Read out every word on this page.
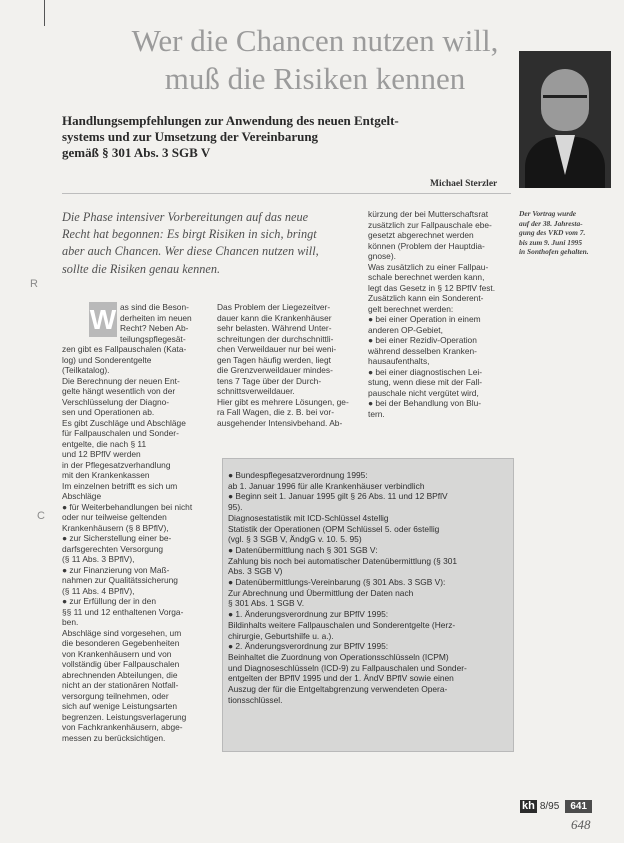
Wer die Chancen nutzen will,
muß die Risiken kennen
Handlungsempfehlungen zur Anwendung des neuen Entgelt-
systems und zur Umsetzung der Vereinbarung
gemäß § 301 Abs. 3 SGB V
Michael Sterzler
Der Vortrag wurde
auf der 38. Jahresta-
gung des VKD vom 7.
bis zum 9. Juni 1995
in Sonthofen gehalten.
Die Phase intensiver Vorbereitungen auf das neue
Recht hat begonnen: Es birgt Risiken in sich, bringt
aber auch Chancen. Wer diese Chancen nutzen will,
sollte die Risiken genau kennen.
R
C
W as sind die Beson-
derheiten im neuen
Recht? Neben Ab-
teilungspflegesät-
zen gibt es Fallpauschalen (Kata-
log) und Sonderentgelte
(Teilkatalog).
Die Berechnung der neuen Ent-
gelte hängt wesentlich von der
Verschlüsselung der Diagno-
sen und Operationen ab.
Es gibt Zuschläge und Abschläge
für Fallpauschalen und Sonder-
entgelte, die nach § 11
und 12 BPflV werden
in der Pflegesatzverhandlung
mit den Krankenkassen
Im einzelnen betrifft es sich um
Abschläge
● für Weiterbehandlungen bei nicht
oder nur teilweise geltenden
Krankenhäusern (§ 8 BPflV),
● zur Sicherstellung einer be-
darfsgerechten Versorgung
(§ 11 Abs. 3 BPflV),
● zur Finanzierung von Maß-
nahmen zur Qualitätssicherung
(§ 11 Abs. 4 BPflV),
● zur Erfüllung der in den
§§ 11 und 12 enthaltenen Vorga-
ben.
Abschläge sind vorgesehen, um
die besonderen Gegebenheiten
von Krankenhäusern und von
vollständig über Fallpauschalen
abrechnenden Abteilungen, die
nicht an der stationären Notfall-
versorgung teilnehmen, oder
sich auf wenige Leistungsarten
begrenzen. Leistungsverlagerung
von Fachkrankenhäusern, abge-
messen zu berücksichtigen.
Das Problem der Liegezeitver-
dauer kann die Krankenhäuser
sehr belasten. Während Unter-
schreitungen der durchschnittli-
chen Verweildauer nur bei weni-
gen Tagen häufig werden, liegt
die Grenzverweildauer mindes-
tens 7 Tage über der Durch-
schnittsverweildauer.
Hier gibt es mehrere Lösungen, ge-
ra Fall Wagen, die z. B. bei vor-
ausgehender Intensivbehand. Ab-
kürzung der bei Mutterschaftsrat
zusätzlich zur Fallpauschale ebe-
gesetzt abgerechnet werden
können (Problem der Hauptdia-
gnose).
Was zusätzlich zu einer Fallpau-
schale berechnet werden kann,
legt das Gesetz in § 12 BPflV fest.
Zusätzlich kann ein Sonderent-
gelt berechnet werden:
● bei einer Operation in einem
anderen OP-Gebiet,
● bei einer Rezidiv-Operation
während desselben Kranken-
hausaufenthalts,
● bei einer diagnostischen Lei-
stung, wenn diese mit der Fall-
pauschale nicht vergütet wird,
● bei der Behandlung von Blu-
tern.
● Bundespflegesatzverordnung 1995:
ab 1. Januar 1996 für alle Krankenhäuser verbindlich
● Beginn seit 1. Januar 1995 gilt § 26 Abs. 11 und 12 BPflV
95).
Diagnosestatistik mit ICD-Schlüssel 4stellig
Statistik der Operationen (OPM Schlüssel 5. oder 6stellig
(vgl. § 3 SGB V, ÄndgG v. 10. 5. 95)
● Datenübermittlung nach § 301 SGB V:
Zahlung bis noch bei automatischer Datenübermittlung (§ 301
Abs. 3 SGB V)
● Datenübermittlungs-Vereinbarung (§ 301 Abs. 3 SGB V):
Zur Abrechnung und Übermittlung der Daten nach
§ 301 Abs. 1 SGB V.
● 1. Änderungsverordnung zur BPflV 1995:
Bildinhalts weitere Fallpauschalen und Sonderentgelte (Herz-
chirurgie, Geburtshilfe u. a.).
● 2. Änderungsverordnung zur BPflV 1995:
Beinhaltet die Zuordnung von Operationsschlüsseln (ICPM)
und Diagnoseschlüsseln (ICD-9) zu Fallpauschalen und Sonder-
entgelten der BPflV 1995 und der 1. ÄndV BPflV sowie einen
Auszug der für die Entgeltabgrenzung verwendeten Opera-
tionsschlüssel.
kh 8/95	641
648
